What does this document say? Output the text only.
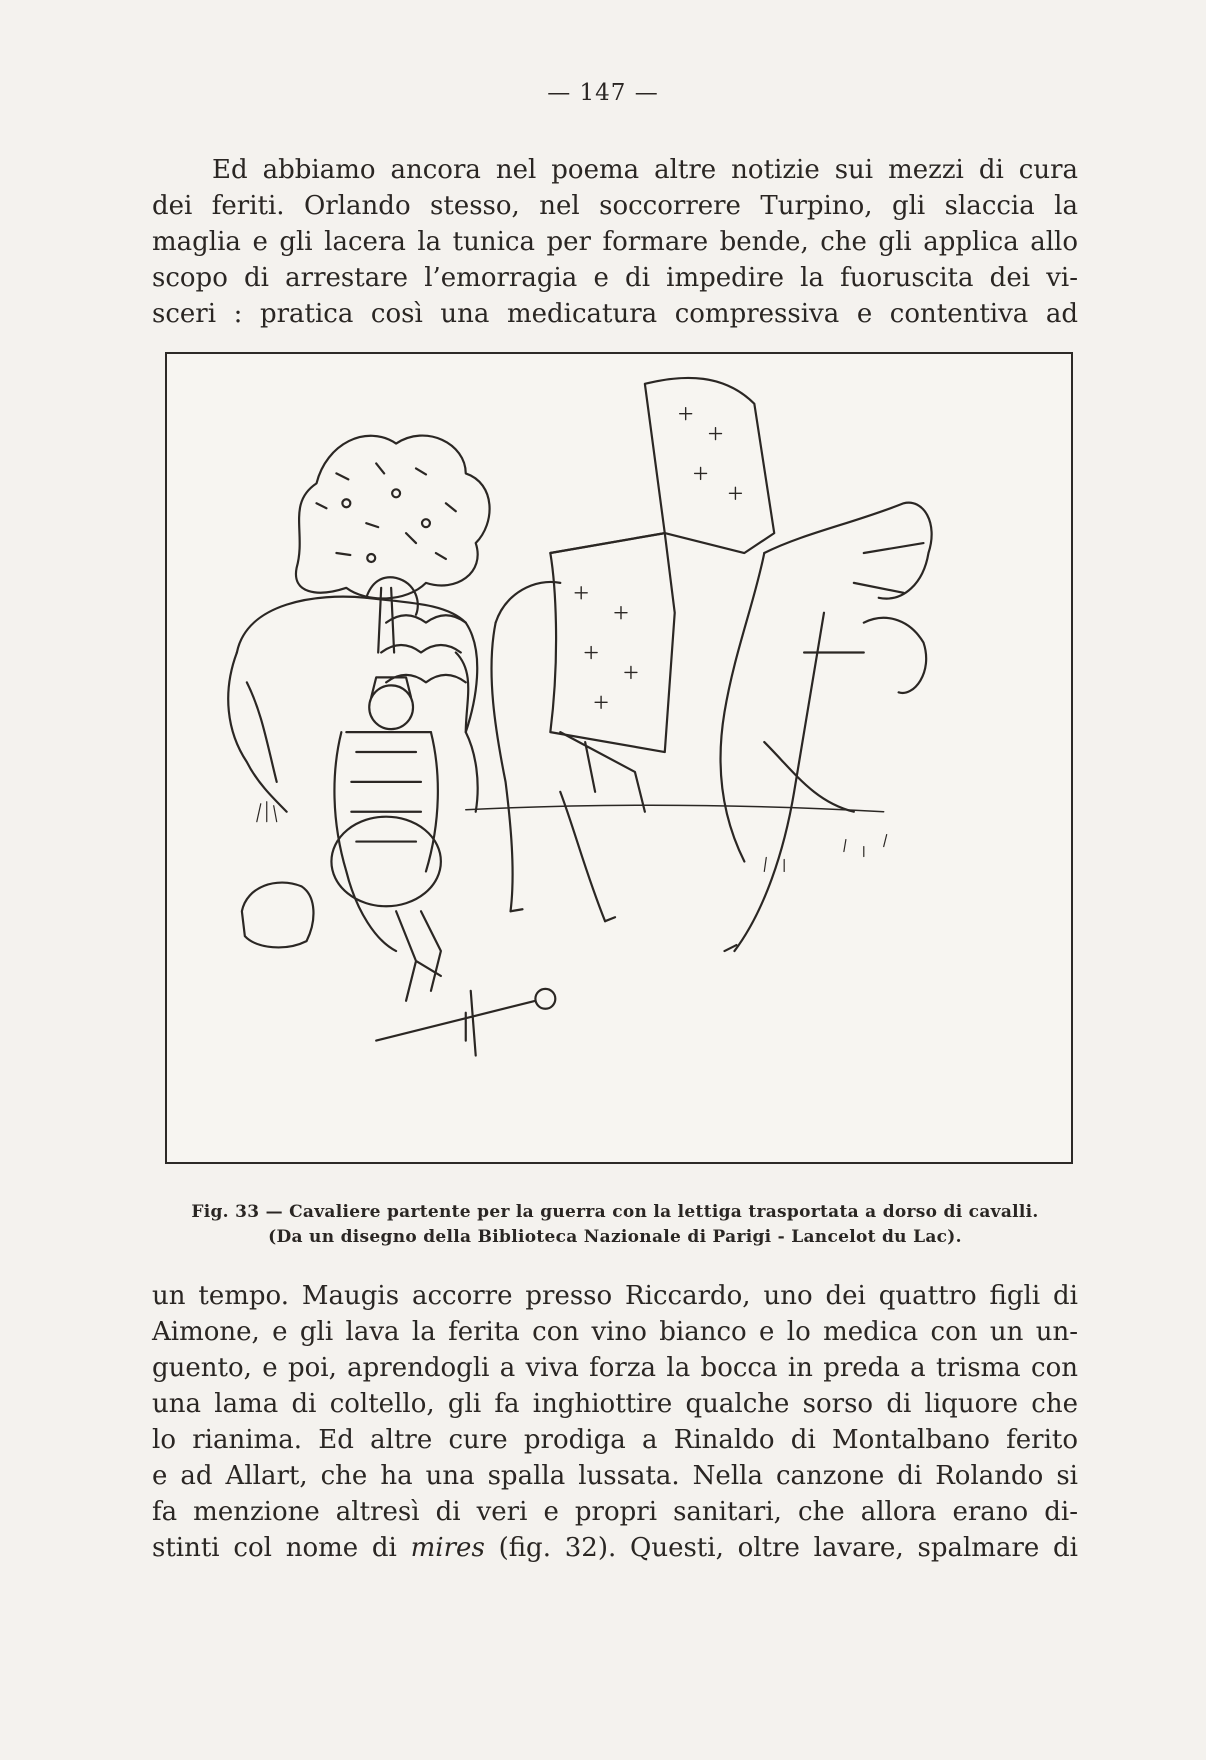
— 147 —

Ed abbiamo ancora nel poema altre notizie sui mezzi di cura
dei feriti. Orlando stesso, nel soccorrere Turpino, gli slaccia la
maglia e gli lacera la tunica per formare bende, che gli applica allo
scopo di arrestare l’emorragia e di impedire la fuoruscita dei vi-
sceri : pratica così una medicatura compressiva e contentiva ad

Fig. 33 — Cavaliere partente per la guerra con la lettiga trasportata a dorso di cavalli.
(Da un disegno della Biblioteca Nazionale di Parigi - Lancelot du Lac).

un tempo. Maugis accorre presso Riccardo, uno dei quattro figli di
Aimone, e gli lava la ferita con vino bianco e lo medica con un un-
guento, e poi, aprendogli a viva forza la bocca in preda a trisma con
una lama di coltello, gli fa inghiottire qualche sorso di liquore che
lo rianima. Ed altre cure prodiga a Rinaldo di Montalbano ferito
e ad Allart, che ha una spalla lussata. Nella canzone di Rolando si
fa menzione altresì di veri e propri sanitari, che allora erano di-
stinti col nome di mires (fig. 32). Questi, oltre lavare, spalmare di
